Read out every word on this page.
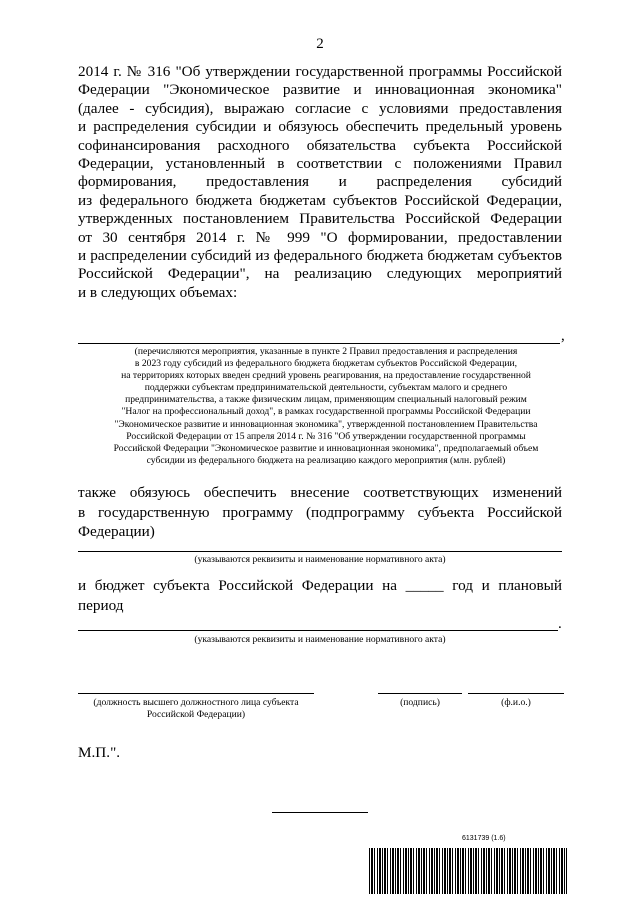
2
2014 г. № 316 "Об утверждении государственной программы Российской
Федерации "Экономическое развитие и инновационная экономика"
(далее - субсидия), выражаю согласие с условиями предоставления
и распределения субсидии и обязуюсь обеспечить предельный уровень
софинансирования расходного обязательства субъекта Российской
Федерации, установленный в соответствии с положениями Правил
формирования, предоставления и распределения субсидий
из федерального бюджета бюджетам субъектов Российской Федерации,
утвержденных постановлением Правительства Российской Федерации
от 30 сентября 2014 г. № 999 "О формировании, предоставлении
и распределении субсидий из федерального бюджета бюджетам субъектов
Российской Федерации", на реализацию следующих мероприятий
и в следующих объемах:
,
(перечисляются мероприятия, указанные в пункте 2 Правил предоставления и распределения
в 2023 году субсидий из федерального бюджета бюджетам субъектов Российской Федерации,
на территориях которых введен средний уровень реагирования, на предоставление государственной
поддержки субъектам предпринимательской деятельности, субъектам малого и среднего
предпринимательства, а также физическим лицам, применяющим специальный налоговый режим
"Налог на профессиональный доход", в рамках государственной программы Российской Федерации
"Экономическое развитие и инновационная экономика", утвержденной постановлением Правительства
Российской Федерации от 15 апреля 2014 г. № 316 "Об утверждении государственной программы
Российской Федерации "Экономическое развитие и инновационная экономика", предполагаемый объем
субсидии из федерального бюджета на реализацию каждого мероприятия (млн. рублей)
также обязуюсь обеспечить внесение соответствующих изменений
в государственную программу (подпрограмму субъекта Российской
Федерации)
(указываются реквизиты и наименование нормативного акта)
и бюджет субъекта Российской Федерации на _____ год и плановый
период
.
(указываются реквизиты и наименование нормативного акта)
(должность высшего должностного лица субъекта
Российской Федерации)
(подпись)	(ф.и.о.)
М.П.".
6131739 (1.6)
